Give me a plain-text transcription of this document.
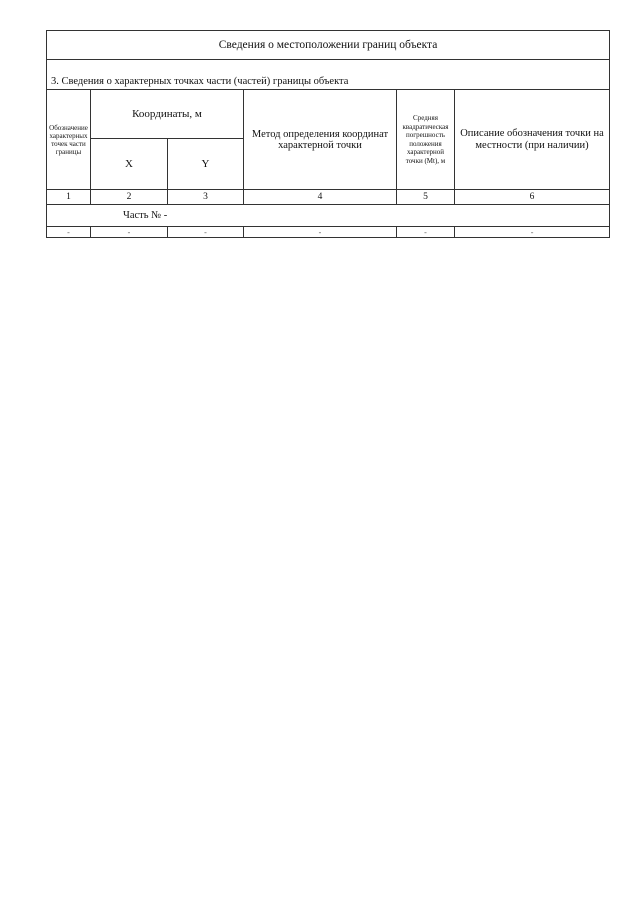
Сведения о местоположении границ объекта					
3. Сведения о характерных точках части (частей) границы объекта					
Обозначение характерных точек части границы	Координаты, м		Метод определения координат характерной точки	Средняя квадратическая погрешность положения характерной точки (Mt), м	Описание обозначения точки на местности (при наличии)
	X	Y			
1	2	3	4	5	6
Часть № -					
-	-	-	-	-	-
